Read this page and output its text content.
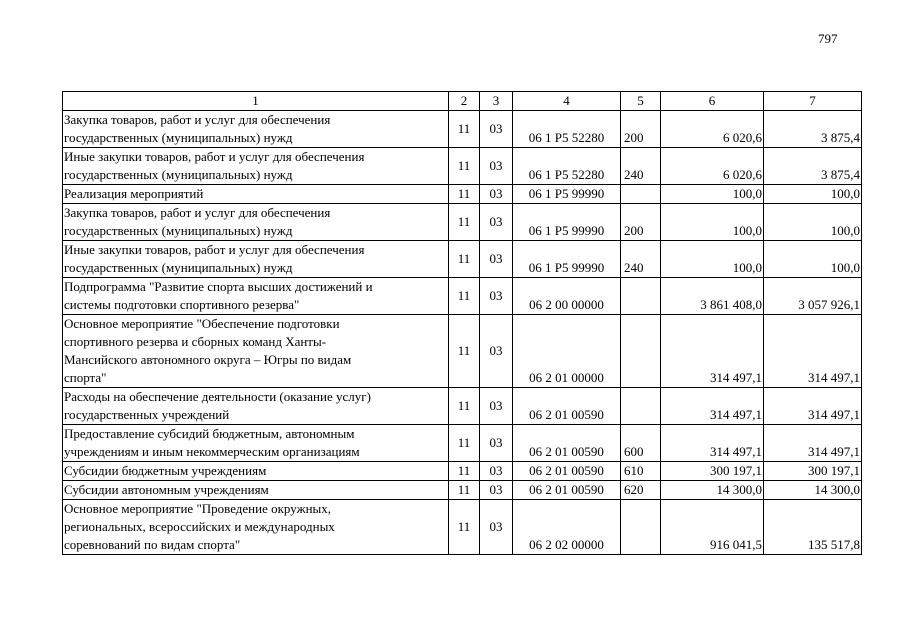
797
1	2	3	4	5	6	7

Закупка товаров, работ и услуг для обеспечения
государственных (муниципальных) нужд	11	03	06 1 P5 52280	200	6 020,6	3 875,4

Иные закупки товаров, работ и услуг для обеспечения
государственных (муниципальных) нужд	11	03	06 1 P5 52280	240	6 020,6	3 875,4

Реализация мероприятий	11	03	06 1 P5 99990		100,0	100,0

Закупка товаров, работ и услуг для обеспечения
государственных (муниципальных) нужд	11	03	06 1 P5 99990	200	100,0	100,0

Иные закупки товаров, работ и услуг для обеспечения
государственных (муниципальных) нужд	11	03	06 1 P5 99990	240	100,0	100,0

Подпрограмма "Развитие спорта высших достижений и
системы подготовки спортивного резерва"	11	03	06 2 00 00000		3 861 408,0	3 057 926,1

Основное мероприятие "Обеспечение подготовки
спортивного резерва и сборных команд Ханты-
Мансийского автономного округа – Югры по видам
спорта"	11	03	06 2 01 00000		314 497,1	314 497,1

Расходы на обеспечение деятельности (оказание услуг)
государственных учреждений	11	03	06 2 01 00590		314 497,1	314 497,1

Предоставление субсидий бюджетным, автономным
учреждениям и иным некоммерческим организациям	11	03	06 2 01 00590	600	314 497,1	314 497,1

Субсидии бюджетным учреждениям	11	03	06 2 01 00590	610	300 197,1	300 197,1

Субсидии автономным учреждениям	11	03	06 2 01 00590	620	14 300,0	14 300,0

Основное мероприятие "Проведение окружных,
региональных, всероссийских и международных
соревнований по видам спорта"	11	03	06 2 02 00000		916 041,5	135 517,8
